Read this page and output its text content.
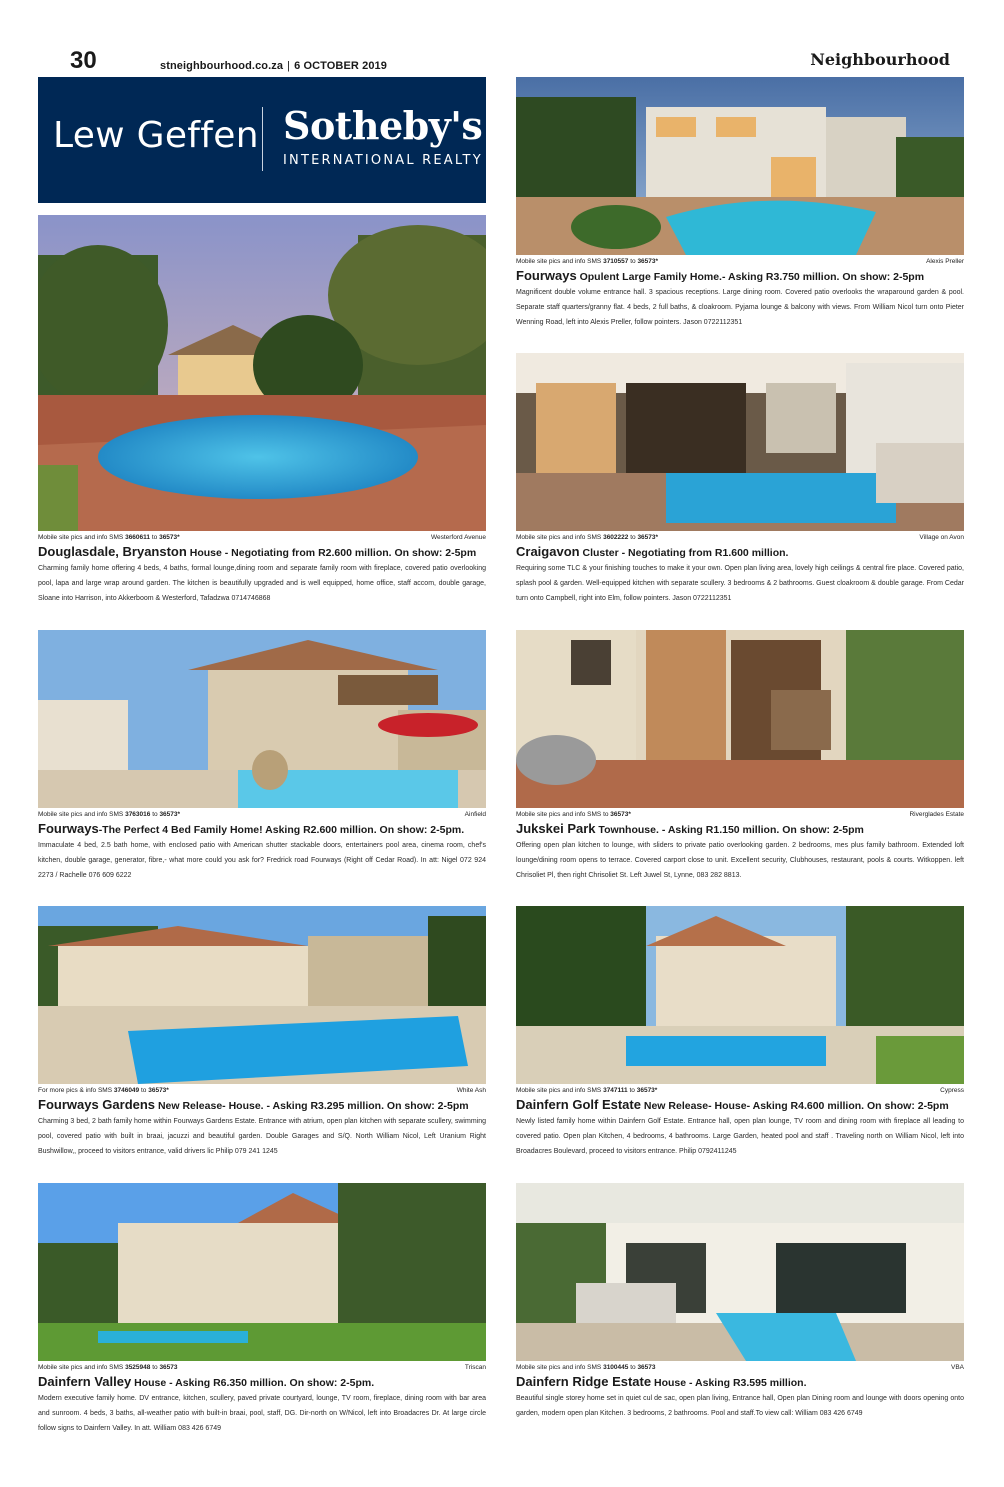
30	stneighbourhood.co.za | 6 OCTOBER 2019	Neighbourhood
Lew Geffen Sotheby's
INTERNATIONAL REALTY
Mobile site pics and info SMS 3660611 to 36573*	Westerford Avenue
Douglasdale, Bryanston House - Negotiating from R2.600 million. On show: 2-5pm
Charming family home offering 4 beds, 4 baths, formal lounge,dining room and separate family room with fireplace, covered patio overlooking pool, lapa and large wrap around garden. The kitchen is beautifully upgraded and is well equipped, home office, staff accom, double garage, Sloane into Harrison, into Akkerboom & Westerford, Tafadzwa 0714746868
Mobile site pics and info SMS 3710557 to 36573*	Alexis Preller
Fourways Opulent Large Family Home.- Asking R3.750 million. On show: 2-5pm
Magnificent double volume entrance hall. 3 spacious receptions. Large dining room. Covered patio overlooks the wraparound garden & pool. Separate staff quarters/granny flat. 4 beds, 2 full baths, & cloakroom. Pyjama lounge & balcony with views. From William Nicol turn onto Pieter Wenning Road, left into Alexis Preller, follow pointers. Jason 0722112351
Mobile site pics and info SMS 3602222 to 36573*	Village on Avon
Craigavon Cluster - Negotiating from R1.600 million.
Requiring some TLC & your finishing touches to make it your own. Open plan living area, lovely high ceilings & central fire place. Covered patio, splash pool & garden. Well-equipped kitchen with separate scullery. 3 bedrooms & 2 bathrooms. Guest cloakroom & double garage. From Cedar turn onto Campbell, right into Elm, follow pointers. Jason 0722112351
Mobile site pics and info SMS 3763016 to 36573*	Ainfield
Fourways-The Perfect 4 Bed Family Home! Asking R2.600 million. On show: 2-5pm.
Immaculate 4 bed, 2.5 bath home, with enclosed patio with American shutter stackable doors, entertainers pool area, cinema room, chef's kitchen, double garage, generator, fibre,- what more could you ask for? Fredrick road Fourways (Right off Cedar Road). In att: Nigel 072 924 2273 / Rachelle 076 609 6222
Mobile site pics and info SMS to 36573*	Riverglades Estate
Jukskei Park Townhouse. - Asking R1.150 million. On show: 2-5pm
Offering open plan kitchen to lounge, with sliders to private patio overlooking garden. 2 bedrooms, mes plus family bathroom. Extended loft lounge/dining room opens to terrace. Covered carport close to unit. Excellent security, Clubhouses, restaurant, pools & courts. Witkoppen. left Chrisoliet Pl, then right Chrisoliet St. Left Juwel St, Lynne, 083 282 8813.
For more pics & info SMS 3746049 to 36573*	White Ash
Fourways Gardens New Release- House. - Asking R3.295 million. On show: 2-5pm
Charming 3 bed, 2 bath family home within Fourways Gardens Estate. Entrance with atrium, open plan kitchen with separate scullery, swimming pool, covered patio with built in braai, jacuzzi and beautiful garden. Double Garages and S/Q. North William Nicol, Left Uranium Right Bushwillow,, proceed to visitors entrance, valid drivers lic Philip 079 241 1245
Mobile site pics and info SMS 3747111 to 36573*	Cypress
Dainfern Golf Estate New Release- House- Asking R4.600 million. On show: 2-5pm
Newly listed family home within Dainfern Golf Estate. Entrance hall, open plan lounge, TV room and dining room with fireplace all leading to covered patio. Open plan Kitchen, 4 bedrooms, 4 bathrooms. Large Garden, heated pool and staff . Traveling north on William Nicol, left into Broadacres Boulevard, proceed to visitors entrance. Philip 0792411245
Mobile site pics and info SMS 3525948 to 36573	Triscan
Dainfern Valley House - Asking R6.350 million. On show: 2-5pm.
Modern executive family home. DV entrance, kitchen, scullery, paved private courtyard, lounge, TV room, fireplace, dining room with bar area and sunroom. 4 beds, 3 baths, all-weather patio with built-in braai, pool, staff, DG. Dir-north on W/Nicol, left into Broadacres Dr. At large circle follow signs to Dainfern Valley. In att. William 083 426 6749
Mobile site pics and info SMS 3100445 to 36573	VBA
Dainfern Ridge Estate House - Asking R3.595 million.
Beautiful single storey home set in quiet cul de sac, open plan living, Entrance hall, Open plan Dining room and lounge with doors opening onto garden, modern open plan Kitchen. 3 bedrooms, 2 bathrooms. Pool and staff.To view call: William 083 426 6749
